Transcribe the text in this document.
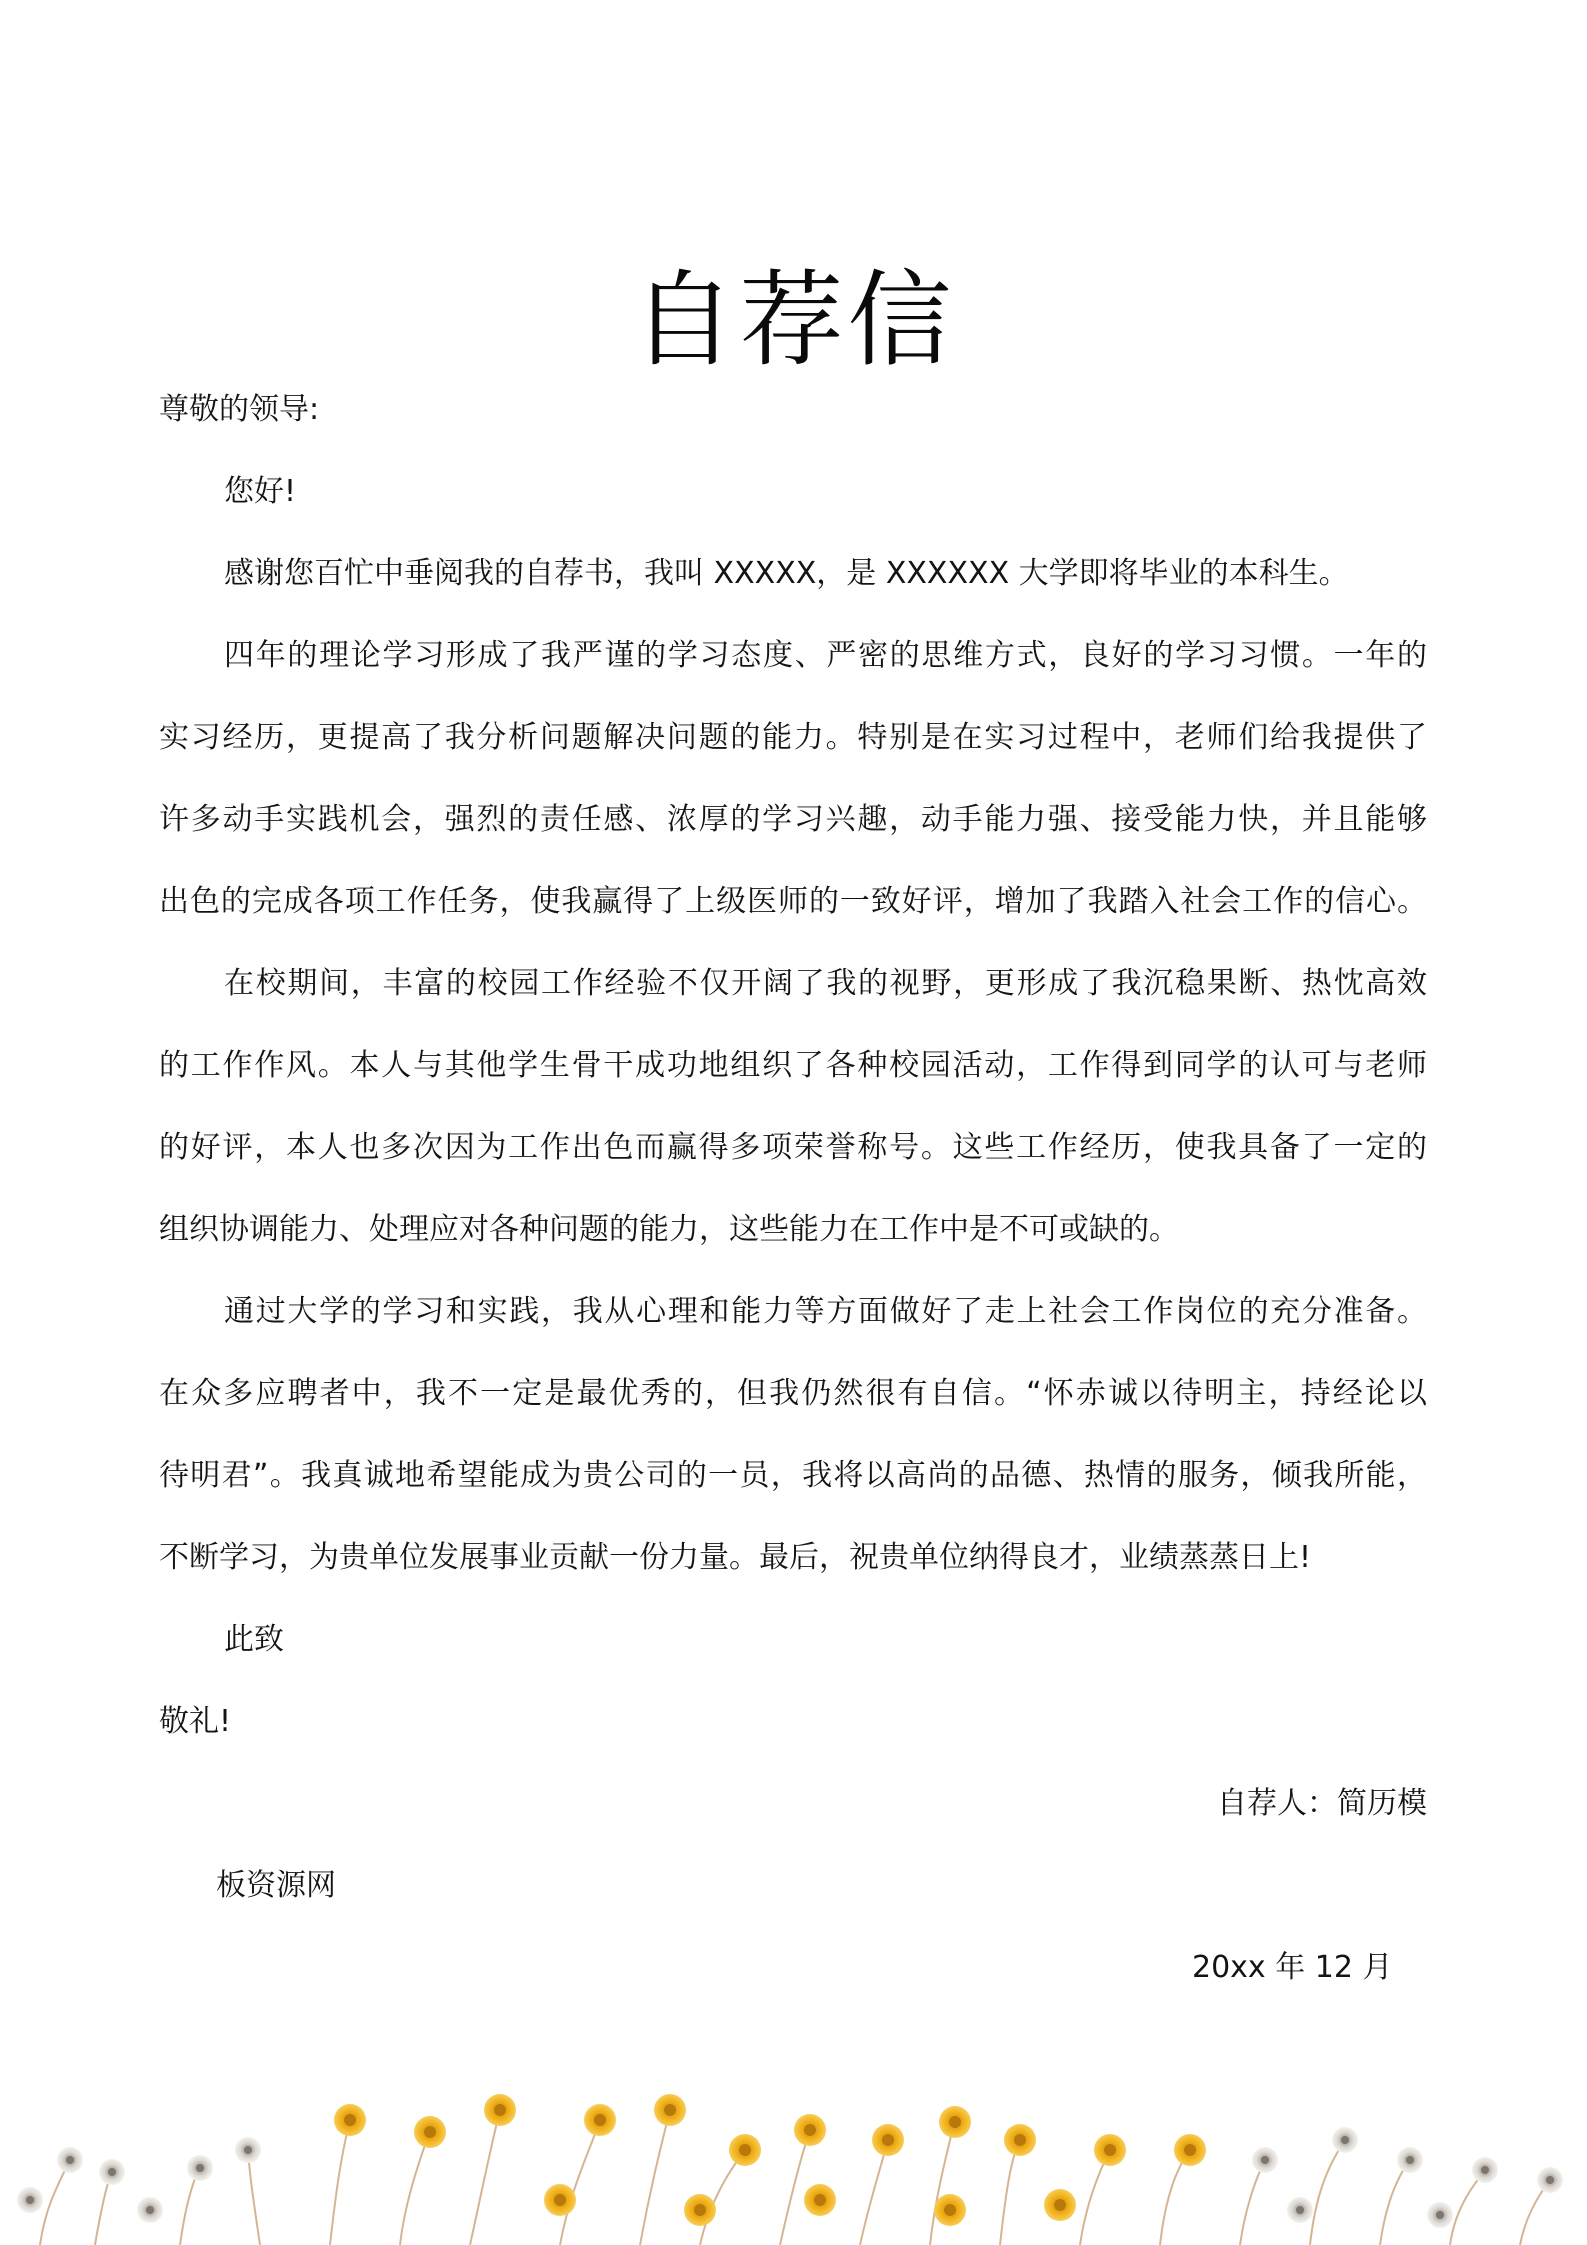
自荐信
尊敬的领导:
您好!
感谢您百忙中垂阅我的自荐书，我叫 XXXXX，是 XXXXXX 大学即将毕业的本科生。
四年的理论学习形成了我严谨的学习态度、严密的思维方式，良好的学习习惯。一年的
实习经历，更提高了我分析问题解决问题的能力。特别是在实习过程中，老师们给我提供了
许多动手实践机会，强烈的责任感、浓厚的学习兴趣，动手能力强、接受能力快，并且能够
出色的完成各项工作任务，使我赢得了上级医师的一致好评，增加了我踏入社会工作的信心。
在校期间，丰富的校园工作经验不仅开阔了我的视野，更形成了我沉稳果断、热忱高效
的工作作风。本人与其他学生骨干成功地组织了各种校园活动，工作得到同学的认可与老师
的好评，本人也多次因为工作出色而赢得多项荣誉称号。这些工作经历，使我具备了一定的
组织协调能力、处理应对各种问题的能力，这些能力在工作中是不可或缺的。
通过大学的学习和实践，我从心理和能力等方面做好了走上社会工作岗位的充分准备。
在众多应聘者中，我不一定是最优秀的，但我仍然很有自信。“怀赤诚以待明主，持经论以
待明君”。我真诚地希望能成为贵公司的一员，我将以高尚的品德、热情的服务，倾我所能，
不断学习，为贵单位发展事业贡献一份力量。最后，祝贵单位纳得良才，业绩蒸蒸日上!
此致
敬礼!
自荐人：简历模
板资源网
20xx 年 12 月
